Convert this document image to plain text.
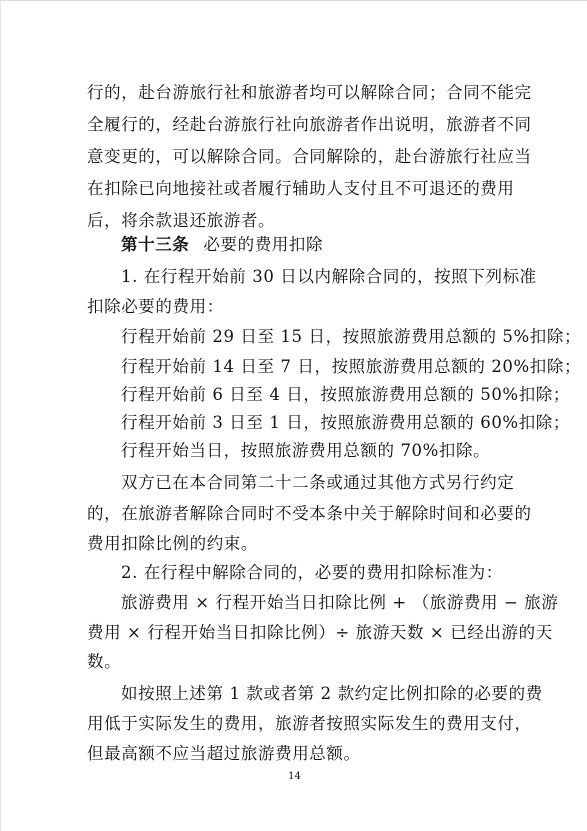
行的，赴台游旅行社和旅游者均可以解除合同；合同不能完
全履行的，经赴台游旅行社向旅游者作出说明，旅游者不同
意变更的，可以解除合同。合同解除的，赴台游旅行社应当
在扣除已向地接社或者履行辅助人支付且不可退还的费用
后，将余款退还旅游者。
第十三条 必要的费用扣除
1. 在行程开始前 30 日以内解除合同的，按照下列标准
扣除必要的费用：
行程开始前 29 日至 15 日，按照旅游费用总额的 5%扣除；
行程开始前 14 日至 7 日，按照旅游费用总额的 20%扣除；
行程开始前 6 日至 4 日，按照旅游费用总额的 50%扣除；
行程开始前 3 日至 1 日，按照旅游费用总额的 60%扣除；
行程开始当日，按照旅游费用总额的 70%扣除。
双方已在本合同第二十二条或通过其他方式另行约定
的，在旅游者解除合同时不受本条中关于解除时间和必要的
费用扣除比例的约束。
2. 在行程中解除合同的，必要的费用扣除标准为：
旅游费用 × 行程开始当日扣除比例 + （旅游费用 − 旅游
费用 × 行程开始当日扣除比例）÷ 旅游天数 × 已经出游的天
数。
如按照上述第 1 款或者第 2 款约定比例扣除的必要的费
用低于实际发生的费用，旅游者按照实际发生的费用支付，
但最高额不应当超过旅游费用总额。
14
